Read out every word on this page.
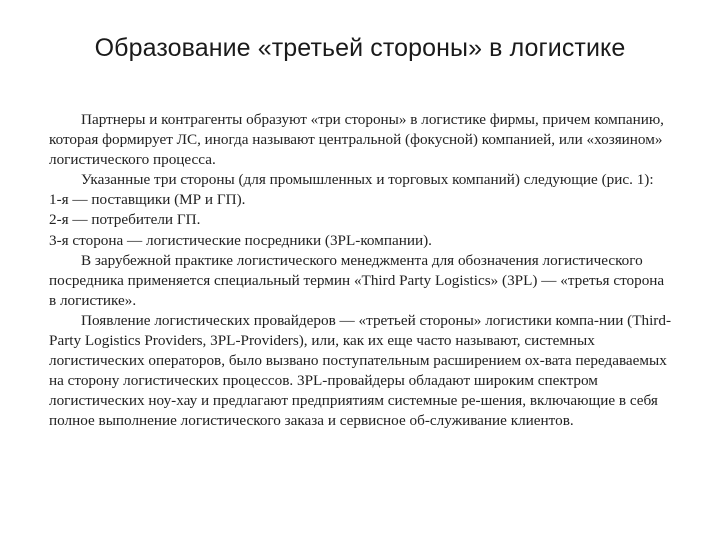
Образование «третьей стороны» в логистике

Партнеры и контрагенты образуют «три стороны» в логистике фирмы, причем компанию, которая формирует ЛС, иногда называют центральной (фокусной) компанией, или «хозяином» логистического процесса.

Указанные три стороны (для промышленных и торговых компаний) следующие (рис. 1):

1-я — поставщики (МР и ГП).

2-я — потребители ГП.

3-я сторона — логистические посредники (3PL-компании).

В зарубежной практике логистического менеджмента для обозначения логистического посредника применяется специальный термин «Third Party Logistics» (3PL) — «третья сторона в логистике».

Появление логистических провайдеров — «третьей стороны» логистики компа-нии (Third-Party Logistics Providers, 3PL-Providers), или, как их еще часто называют, системных логистических операторов, было вызвано поступательным расширением ох-вата передаваемых на сторону логистических процессов. 3PL-провайдеры обладают широким спектром логистических ноу-хау и предлагают предприятиям системные ре-шения, включающие в себя полное выполнение логистического заказа и сервисное об-служивание клиентов.
